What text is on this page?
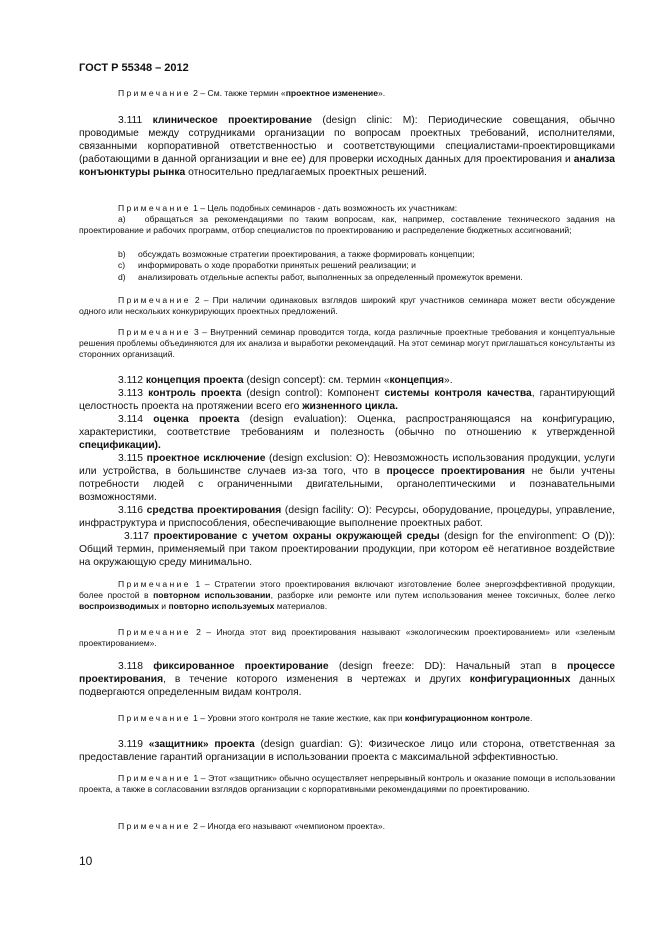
ГОСТ Р 55348 – 2012
Примечание 2 – См. также термин «проектное изменение».
3.111 клиническое проектирование (design clinic: M): Периодические совещания, обычно проводимые между сотрудниками организации по вопросам проектных требований, исполнителями, связанными корпоративной ответственностью и соответствующими специалистами-проектировщиками (работающими в данной организации и вне ее) для проверки исходных данных для проектирования и анализа конъюнктуры рынка относительно предлагаемых проектных решений.
Примечание 1 – Цель подобных семинаров - дать возможность их участникам:
a) обращаться за рекомендациями по таким вопросам, как, например, составление технического задания на проектирование и рабочих программ, отбор специалистов по проектированию и распределение бюджетных ассигнований;
b) обсуждать возможные стратегии проектирования, а также формировать концепции;
c) информировать о ходе проработки принятых решений реализации; и
d) анализировать отдельные аспекты работ, выполненных за определенный промежуток времени.
Примечание 2 – При наличии одинаковых взглядов широкий круг участников семинара может вести обсуждение одного или нескольких конкурирующих проектных предложений.
Примечание 3 – Внутренний семинар проводится тогда, когда различные проектные требования и концептуальные решения проблемы объединяются для их анализа и выработки рекомендаций. На этот семинар могут приглашаться консультанты из сторонних организаций.
3.112 концепция проекта (design concept): см. термин «концепция».
3.113 контроль проекта (design control): Компонент системы контроля качества, гарантирующий целостность проекта на протяжении всего его жизненного цикла.
3.114 оценка проекта (design evaluation): Оценка, распространяющаяся на конфигурацию, характеристики, соответствие требованиям и полезность (обычно по отношению к утвержденной спецификации).
3.115 проектное исключение (design exclusion: O): Невозможность использования продукции, услуги или устройства, в большинстве случаев из-за того, что в процессе проектирования не были учтены потребности людей с ограниченными двигательными, органолептическими и познавательными возможностями.
3.116 средства проектирования (design facility: O): Ресурсы, оборудование, процедуры, управление, инфраструктура и приспособления, обеспечивающие выполнение проектных работ.
3.117 проектирование с учетом охраны окружающей среды (design for the environment: O (D)): Общий термин, применяемый при таком проектировании продукции, при котором её негативное воздействие на окружающую среду минимально.
Примечание 1 – Стратегии этого проектирования включают изготовление более энергоэффективной продукции, более простой в повторном использовании, разборке или ремонте или путем использования менее токсичных, более легко воспроизводимых и повторно используемых материалов.
Примечание 2 – Иногда этот вид проектирования называют «экологическим проектированием» или «зеленым проектированием».
3.118 фиксированное проектирование (design freeze: DD): Начальный этап в процессе проектирования, в течение которого изменения в чертежах и других конфигурационных данных подвергаются определенным видам контроля.
Примечание 1 – Уровни этого контроля не такие жесткие, как при конфигурационном контроле.
3.119 «защитник» проекта (design guardian: G): Физическое лицо или сторона, ответственная за предоставление гарантий организации в использовании проекта с максимальной эффективностью.
Примечание 1 – Этот «защитник» обычно осуществляет непрерывный контроль и оказание помощи в использовании проекта, а также в согласовании взглядов организации с корпоративными рекомендациями по проектированию.
Примечание 2 – Иногда его называют «чемпионом проекта».
10
